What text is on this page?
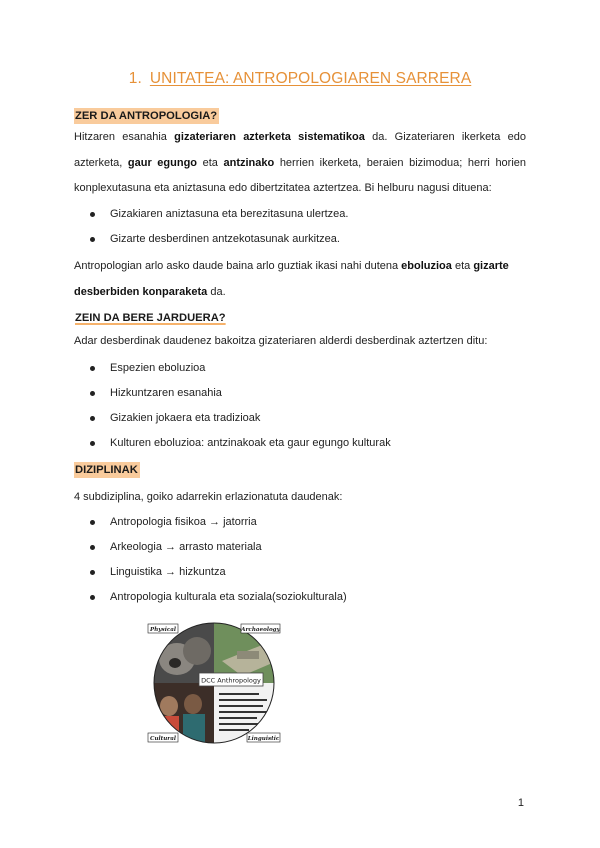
1. UNITATEA: ANTROPOLOGIAREN SARRERA
ZER DA ANTROPOLOGIA?
Hitzaren esanahia gizateriaren azterketa sistematikoa da. Gizateriaren ikerketa edo azterketa, gaur egungo eta antzinako herrien ikerketa, beraien bizimodua; herri horien konplexutasuna eta aniztasuna edo dibertzitatea aztertzea. Bi helburu nagusi dituena:
Gizakiaren aniztasuna eta berezitasuna ulertzea.
Gizarte desberdinen antzekotasunak aurkitzea.
Antropologian arlo asko daude baina arlo guztiak ikasi nahi dutena eboluzioa eta gizarte desberbiden konparaketa da.
ZEIN DA BERE JARDUERA?
Adar desberdinak daudenez bakoitza gizateriaren alderdi desberdinak aztertzen ditu:
Espezien eboluzioa
Hizkuntzaren esanahia
Gizakien jokaera eta tradizioak
Kulturen eboluzioa: antzinakoak eta gaur egungo kulturak
DIZIPLINAK
4 subdiziplina, goiko adarrekin erlazionatuta daudenak:
Antropologia fisikoa → jatorria
Arkeologia → arrasto materiala
Linguistika → hizkuntza
Antropologia kulturala eta soziala(soziokulturala)
Physical	Archaeology
Cultural	Linguistic
DCC Anthropology
1
